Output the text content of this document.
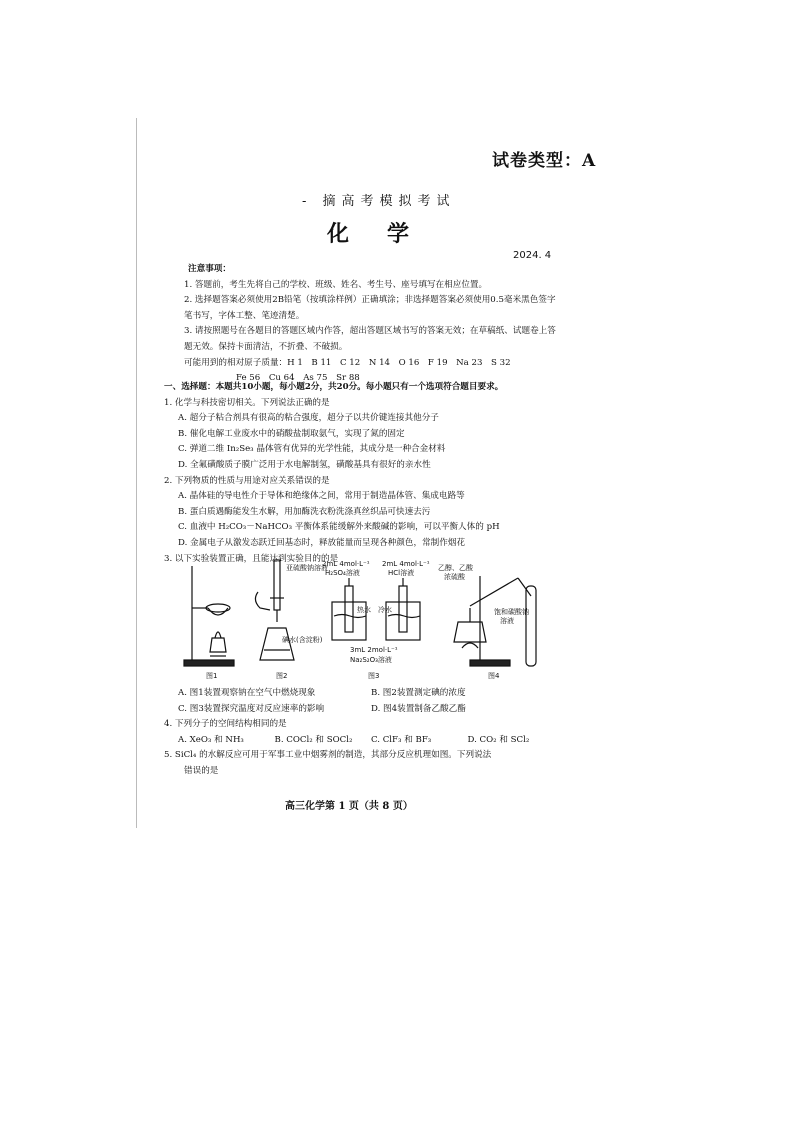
试卷类型：A
- 摘高考模拟考试
化学
2024. 4
注意事项：
1. 答题前，考生先将自己的学校、班级、姓名、考生号、座号填写在相应位置。
2. 选择题答案必须使用2B铅笔（按填涂样例）正确填涂；非选择题答案必须使用0.5毫米黑色签字笔书写，字体工整、笔迹清楚。
3. 请按照题号在各题目的答题区域内作答，超出答题区域书写的答案无效；在草稿纸、试题卷上答题无效。保持卡面清洁，不折叠、不破损。
可能用到的相对原子质量：H 1　B 11　C 12　N 14　O 16　F 19　Na 23　S 32
Fe 56　Cu 64　As 75　Sr 88
一、选择题：本题共10小题，每小题2分，共20分。每小题只有一个选项符合题目要求。
1. 化学与科技密切相关。下列说法正确的是
A. 超分子粘合剂具有很高的粘合强度，超分子以共价键连接其他分子
B. 催化电解工业废水中的硝酸盐制取氨气，实现了氮的固定
C. 弹道二维 In₂Se₃ 晶体管有优异的光学性能，其成分是一种合金材料
D. 全氟磺酸质子膜广泛用于水电解制氢，磺酸基具有很好的亲水性
2. 下列物质的性质与用途对应关系错误的是
A. 晶体硅的导电性介于导体和绝缘体之间，常用于制造晶体管、集成电路等
B. 蛋白质遇酶能发生水解，用加酶洗衣粉洗涤真丝织品可快速去污
C. 血液中 H₂CO₃－NaHCO₃ 平衡体系能缓解外来酸碱的影响，可以平衡人体的 pH
D. 金属电子从激发态跃迁回基态时，释放能量而呈现各种颜色，常制作烟花
3. 以下实验装置正确，且能达到实验目的的是
图1	图2	图3	图4
亚硫酸钠溶液
碘水(含淀粉)
2mL 4mol·L⁻¹
H₂SO₄溶液
2mL 4mol·L⁻¹
HCl溶液
热水 冷水
3mL 2mol·L⁻¹
Na₂S₂O₃溶液
乙醇、乙酸
浓硫酸
饱和碳酸钠
溶液
A. 图1装置观察钠在空气中燃烧现象	B. 图2装置测定碘的浓度
C. 图3装置探究温度对反应速率的影响	D. 图4装置制备乙酸乙酯
4. 下列分子的空间结构相同的是
A. XeO₃ 和 NH₃	B. COCl₂ 和 SOCl₂	C. ClF₃ 和 BF₃	D. CO₂ 和 SCl₂
5. SiCl₄ 的水解反应可用于军事工业中烟雾剂的制造，其部分反应机理如图。下列说法
错误的是
高三化学第 1 页（共 8 页）
